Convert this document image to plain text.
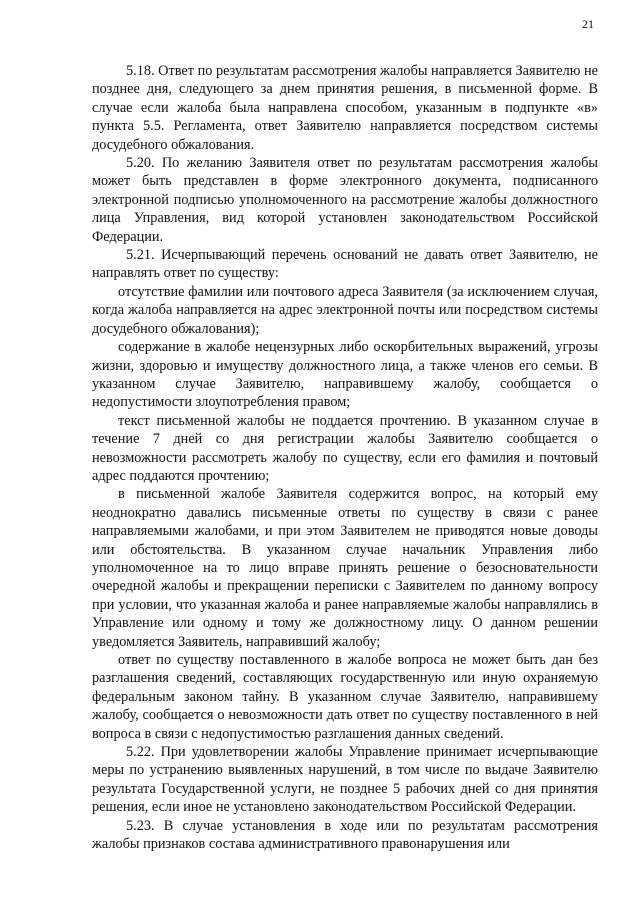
21

5.18. Ответ по результатам рассмотрения жалобы направляется Заявителю не позднее дня, следующего за днем принятия решения, в письменной форме. В случае если жалоба была направлена способом, указанным в подпункте «в» пункта 5.5. Регламента, ответ Заявителю направляется посредством системы досудебного обжалования.

5.20. По желанию Заявителя ответ по результатам рассмотрения жалобы может быть представлен в форме электронного документа, подписанного электронной подписью уполномоченного на рассмотрение жалобы должностного лица Управления, вид которой установлен законодательством Российской Федерации.

5.21. Исчерпывающий перечень оснований не давать ответ Заявителю, не направлять ответ по существу:

отсутствие фамилии или почтового адреса Заявителя (за исключением случая, когда жалоба направляется на адрес электронной почты или посредством системы досудебного обжалования);

содержание в жалобе нецензурных либо оскорбительных выражений, угрозы жизни, здоровью и имуществу должностного лица, а также членов его семьи. В указанном случае Заявителю, направившему жалобу, сообщается о недопустимости злоупотребления правом;

текст письменной жалобы не поддается прочтению. В указанном случае в течение 7 дней со дня регистрации жалобы Заявителю сообщается о невозможности рассмотреть жалобу по существу, если его фамилия и почтовый адрес поддаются прочтению;

в письменной жалобе Заявителя содержится вопрос, на который ему неоднократно давались письменные ответы по существу в связи с ранее направляемыми жалобами, и при этом Заявителем не приводятся новые доводы или обстоятельства. В указанном случае начальник Управления либо уполномоченное на то лицо вправе принять решение о безосновательности очередной жалобы и прекращении переписки с Заявителем по данному вопросу при условии, что указанная жалоба и ранее направляемые жалобы направлялись в Управление или одному и тому же должностному лицу. О данном решении уведомляется Заявитель, направивший жалобу;

ответ по существу поставленного в жалобе вопроса не может быть дан без разглашения сведений, составляющих государственную или иную охраняемую федеральным законом тайну. В указанном случае Заявителю, направившему жалобу, сообщается о невозможности дать ответ по существу поставленного в ней вопроса в связи с недопустимостью разглашения данных сведений.

5.22. При удовлетворении жалобы Управление принимает исчерпывающие меры по устранению выявленных нарушений, в том числе по выдаче Заявителю результата Государственной услуги, не позднее 5 рабочих дней со дня принятия решения, если иное не установлено законодательством Российской Федерации.

5.23. В случае установления в ходе или по результатам рассмотрения жалобы признаков состава административного правонарушения или
